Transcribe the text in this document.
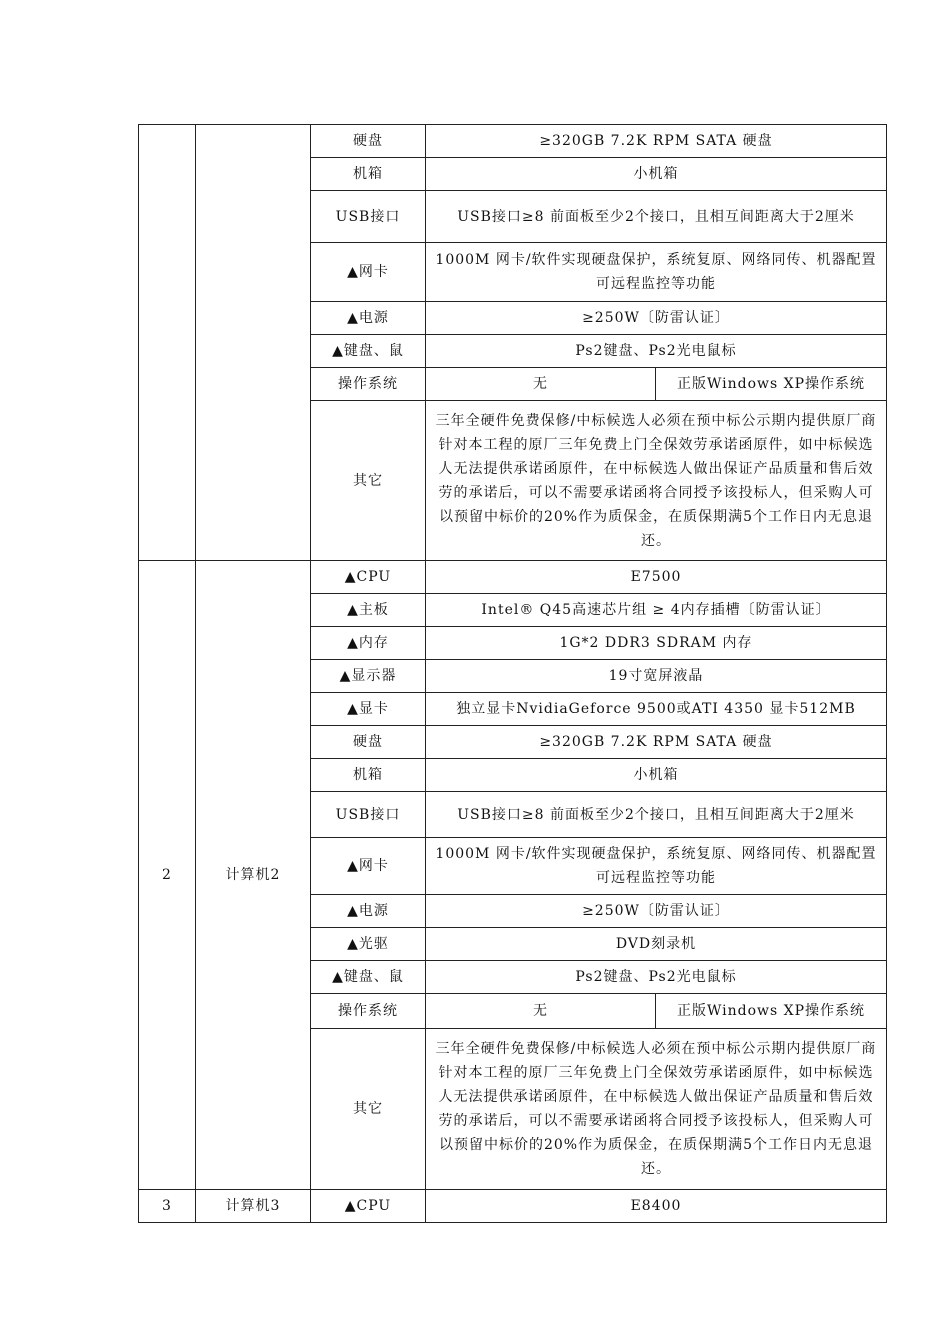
		硬盘	≥320GB 7.2K RPM SATA 硬盘	
		机箱	小机箱	
		USB接口	USB接口≥8 前面板至少2个接口，且相互间距离大于2厘米	
		▲网卡	1000M 网卡/软件实现硬盘保护，系统复原、网络同传、机器配置可远程监控等功能	
		▲电源	≥250W〔防雷认证〕	
		▲键盘、鼠	Ps2键盘、Ps2光电鼠标	
		操作系统	无	正版Windows XP操作系统
		其它	三年全硬件免费保修/中标候选人必须在预中标公示期内提供原厂商针对本工程的原厂三年免费上门全保效劳承诺函原件，如中标候选人无法提供承诺函原件，在中标候选人做出保证产品质量和售后效劳的承诺后，可以不需要承诺函将合同授予该投标人，但采购人可以预留中标价的20%作为质保金，在质保期满5个工作日内无息退还。	
2	计算机2	▲CPU	E7500	
		▲主板	Intel® Q45高速芯片组 ≥ 4内存插槽〔防雷认证〕	
		▲内存	1G*2 DDR3 SDRAM 内存	
		▲显示器	19寸宽屏液晶	
		▲显卡	独立显卡NvidiaGeforce 9500或ATI 4350 显卡512MB	
		硬盘	≥320GB 7.2K RPM SATA 硬盘	
		机箱	小机箱	
		USB接口	USB接口≥8 前面板至少2个接口，且相互间距离大于2厘米	
		▲网卡	1000M 网卡/软件实现硬盘保护，系统复原、网络同传、机器配置可远程监控等功能	
		▲电源	≥250W〔防雷认证〕	
		▲光驱	DVD刻录机	
		▲键盘、鼠	Ps2键盘、Ps2光电鼠标	
		操作系统	无	正版Windows XP操作系统
		其它	三年全硬件免费保修/中标候选人必须在预中标公示期内提供原厂商针对本工程的原厂三年免费上门全保效劳承诺函原件，如中标候选人无法提供承诺函原件，在中标候选人做出保证产品质量和售后效劳的承诺后，可以不需要承诺函将合同授予该投标人，但采购人可以预留中标价的20%作为质保金，在质保期满5个工作日内无息退还。	
3	计算机3	▲CPU	E8400	
